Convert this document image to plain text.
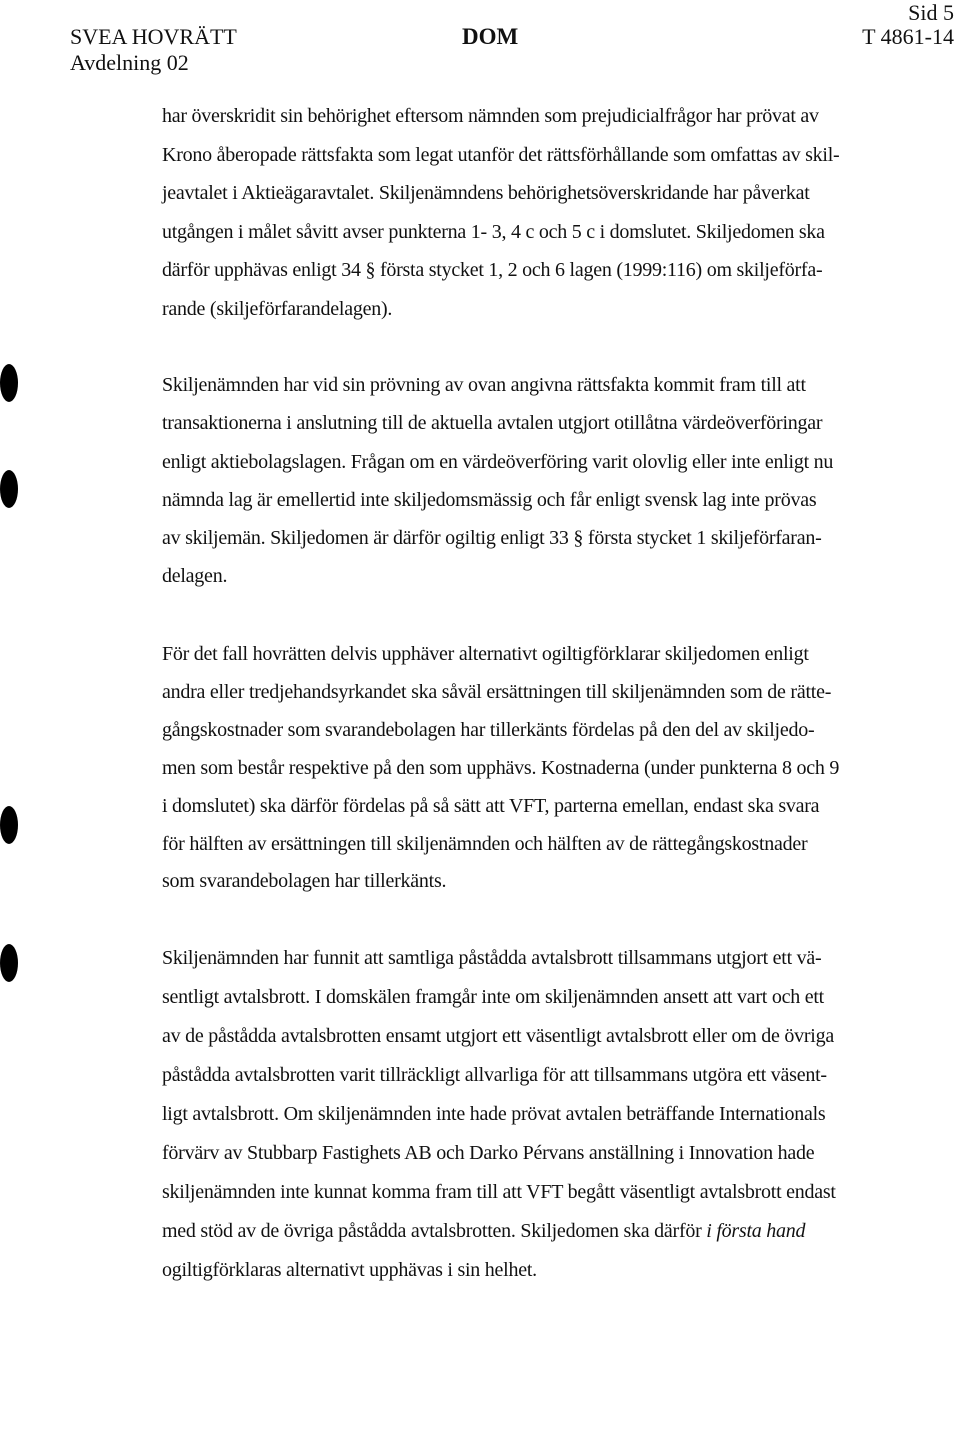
SVEA HOVRÄTT
Avdelning 02
DOM
Sid 5
T 4861-14
har överskridit sin behörighet eftersom nämnden som prejudicialfrågor har prövat av
Krono åberopade rättsfakta som legat utanför det rättsförhållande som omfattas av skil-
jeavtalet i Aktieägaravtalet. Skiljenämndens behörighetsöverskridande har påverkat
utgången i målet såvitt avser punkterna 1- 3, 4 c och 5 c i domslutet. Skiljedomen ska
därför upphävas enligt 34 § första stycket 1, 2 och 6 lagen (1999:116) om skiljeförfa-
rande (skiljeförfarandelagen).
Skiljenämnden har vid sin prövning av ovan angivna rättsfakta kommit fram till att
transaktionerna i anslutning till de aktuella avtalen utgjort otillåtna värdeöverföringar
enligt aktiebolagslagen. Frågan om en värdeöverföring varit olovlig eller inte enligt nu
nämnda lag är emellertid inte skiljedomsmässig och får enligt svensk lag inte prövas
av skiljemän. Skiljedomen är därför ogiltig enligt 33 § första stycket 1 skiljeförfaran-
delagen.
För det fall hovrätten delvis upphäver alternativt ogiltigförklarar skiljedomen enligt
andra eller tredjehandsyrkandet ska såväl ersättningen till skiljenämnden som de rätte-
gångskostnader som svarandebolagen har tillerkänts fördelas på den del av skiljedo-
men som består respektive på den som upphävs. Kostnaderna (under punkterna 8 och 9
i domslutet) ska därför fördelas på så sätt att VFT, parterna emellan, endast ska svara
för hälften av ersättningen till skiljenämnden och hälften av de rättegångskostnader
som svarandebolagen har tillerkänts.
Skiljenämnden har funnit att samtliga påstådda avtalsbrott tillsammans utgjort ett vä-
sentligt avtalsbrott. I domskälen framgår inte om skiljenämnden ansett att vart och ett
av de påstådda avtalsbrotten ensamt utgjort ett väsentligt avtalsbrott eller om de övriga
påstådda avtalsbrotten varit tillräckligt allvarliga för att tillsammans utgöra ett väsent-
ligt avtalsbrott. Om skiljenämnden inte hade prövat avtalen beträffande Internationals
förvärv av Stubbarp Fastighets AB och Darko Pérvans anställning i Innovation hade
skiljenämnden inte kunnat komma fram till att VFT begått väsentligt avtalsbrott endast
med stöd av de övriga påstådda avtalsbrotten. Skiljedomen ska därför i första hand
ogiltigförklaras alternativt upphävas i sin helhet.
